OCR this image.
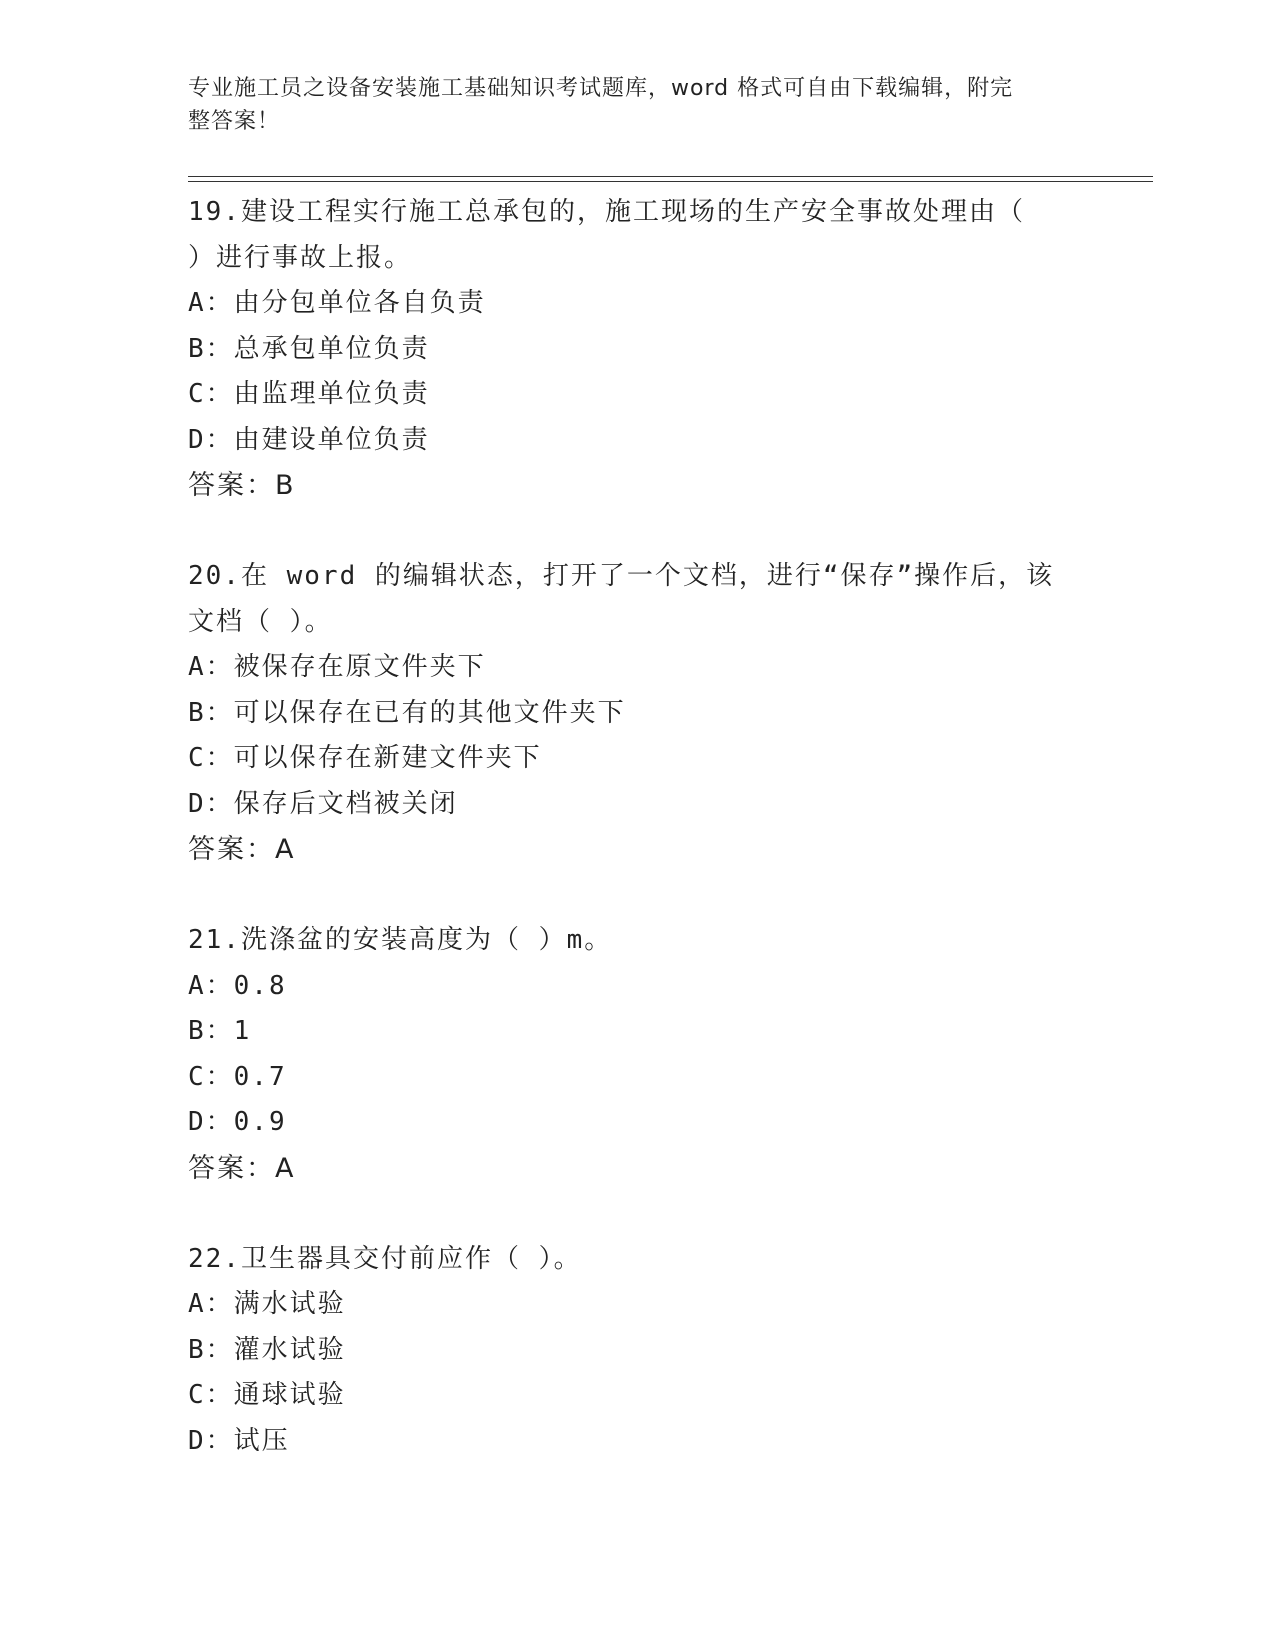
专业施工员之设备安装施工基础知识考试题库，word 格式可自由下载编辑，附完
整答案！
19.建设工程实行施工总承包的，施工现场的生产安全事故处理由（
）进行事故上报。
A：由分包单位各自负责
B：总承包单位负责
C：由监理单位负责
D：由建设单位负责
答案：B
20.在 word 的编辑状态，打开了一个文档，进行“保存”操作后，该
文档（ ）。
A：被保存在原文件夹下
B：可以保存在已有的其他文件夹下
C：可以保存在新建文件夹下
D：保存后文档被关闭
答案：A
21.洗涤盆的安装高度为（ ）m。
A：0.8
B：1
C：0.7
D：0.9
答案：A
22.卫生器具交付前应作（ ）。
A：满水试验
B：灌水试验
C：通球试验
D：试压
